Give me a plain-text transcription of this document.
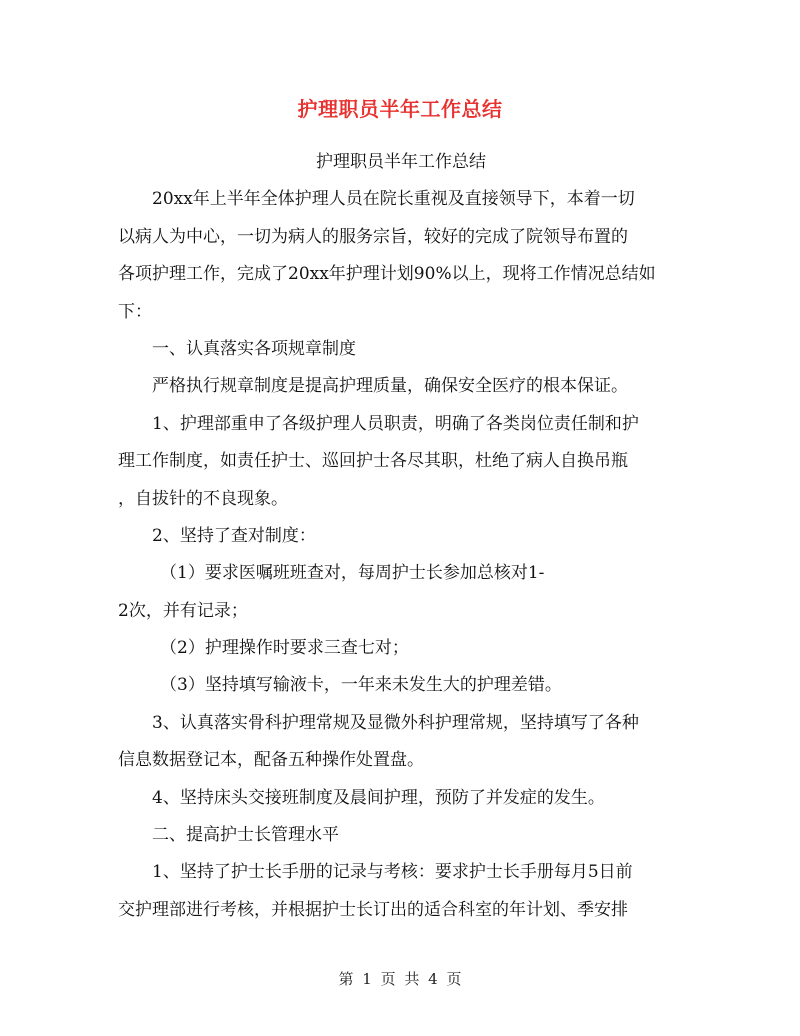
护理职员半年工作总结
护理职员半年工作总结
20xx年上半年全体护理人员在院长重视及直接领导下，本着一切
以病人为中心，一切为病人的服务宗旨，较好的完成了院领导布置的
各项护理工作，完成了20xx年护理计划90%以上，现将工作情况总结如
下：
一、认真落实各项规章制度
严格执行规章制度是提高护理质量，确保安全医疗的根本保证。
1、护理部重申了各级护理人员职责，明确了各类岗位责任制和护
理工作制度，如责任护士、巡回护士各尽其职，杜绝了病人自换吊瓶
，自拔针的不良现象。
2、坚持了查对制度：
（1）要求医嘱班班查对，每周护士长参加总核对1-
2次，并有记录；
（2）护理操作时要求三查七对；
（3）坚持填写输液卡，一年来未发生大的护理差错。
3、认真落实骨科护理常规及显微外科护理常规，坚持填写了各种
信息数据登记本，配备五种操作处置盘。
4、坚持床头交接班制度及晨间护理，预防了并发症的发生。
二、提高护士长管理水平
1、坚持了护士长手册的记录与考核：要求护士长手册每月5日前
交护理部进行考核，并根据护士长订出的适合科室的年计划、季安排
第 1 页 共 4 页
